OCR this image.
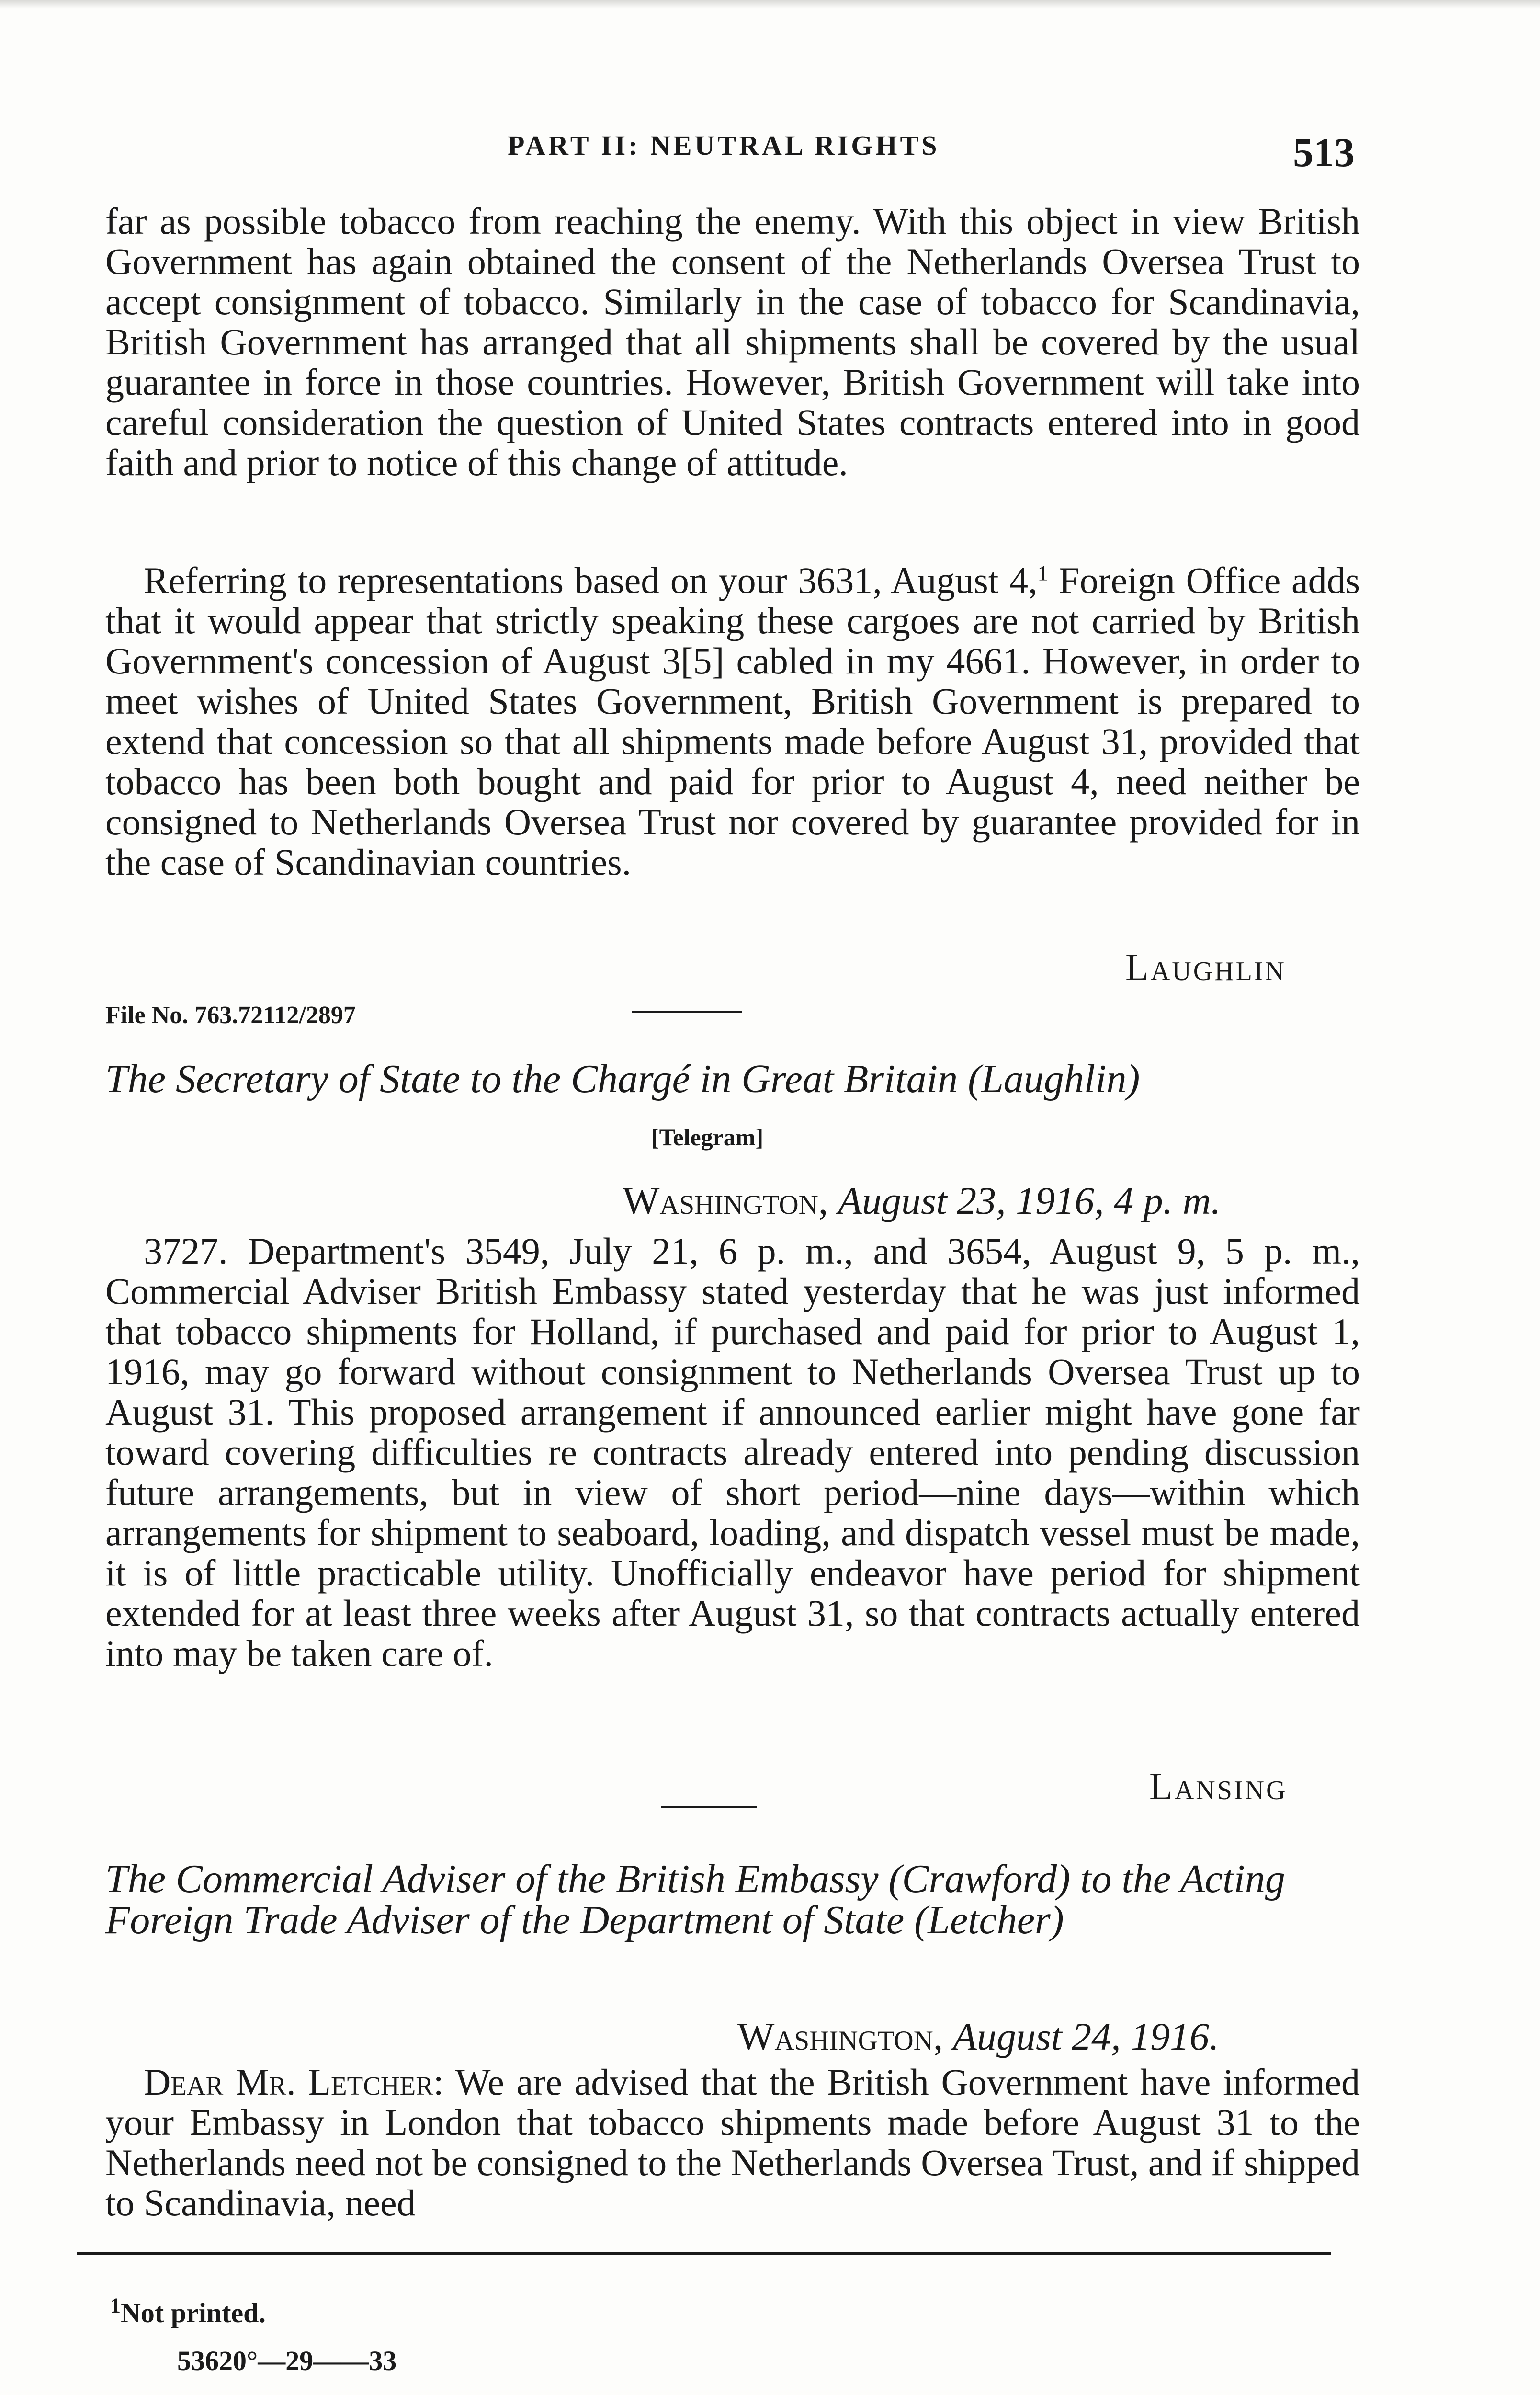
PART II: NEUTRAL RIGHTS	513

far as possible tobacco from reaching the enemy. With this object in view British Government has again obtained the consent of the Netherlands Oversea Trust to accept consignment of tobacco. Similarly in the case of tobacco for Scandinavia, British Government has arranged that all shipments shall be covered by the usual guarantee in force in those countries. However, British Government will take into careful consideration the question of United States contracts entered into in good faith and prior to notice of this change of attitude.

Referring to representations based on your 3631, August 4,$^1$ Foreign Office adds that it would appear that strictly speaking these cargoes are not carried by British Government's concession of August 3[5] cabled in my 4661. However, in order to meet wishes of United States Government, British Government is prepared to extend that concession so that all shipments made before August 31, provided that tobacco has been both bought and paid for prior to August 4, need neither be consigned to Netherlands Oversea Trust nor covered by guarantee provided for in the case of Scandinavian countries.

Laughlin
File No. 763.72112/2897
The Secretary of State to the Chargé in Great Britain (Laughlin)
[Telegram]
Washington, August 23, 1916, 4 p. m.

3727. Department's 3549, July 21, 6 p. m., and 3654, August 9, 5 p. m., Commercial Adviser British Embassy stated yesterday that he was just informed that tobacco shipments for Holland, if purchased and paid for prior to August 1, 1916, may go forward without consignment to Netherlands Oversea Trust up to August 31. This proposed arrangement if announced earlier might have gone far toward covering difficulties re contracts already entered into pending discussion future arrangements, but in view of short period—nine days—within which arrangements for shipment to seaboard, loading, and dispatch vessel must be made, it is of little practicable utility. Unofficially endeavor have period for shipment extended for at least three weeks after August 31, so that contracts actually entered into may be taken care of.

Lansing
The Commercial Adviser of the British Embassy (Crawford) to the Acting Foreign Trade Adviser of the Department of State (Letcher)
Washington, August 24, 1916.

Dear Mr. Letcher: We are advised that the British Government have informed your Embassy in London that tobacco shipments made before August 31 to the Netherlands need not be consigned to the Netherlands Oversea Trust, and if shipped to Scandinavia, need

$^1$Not printed.
53620°—29——33
